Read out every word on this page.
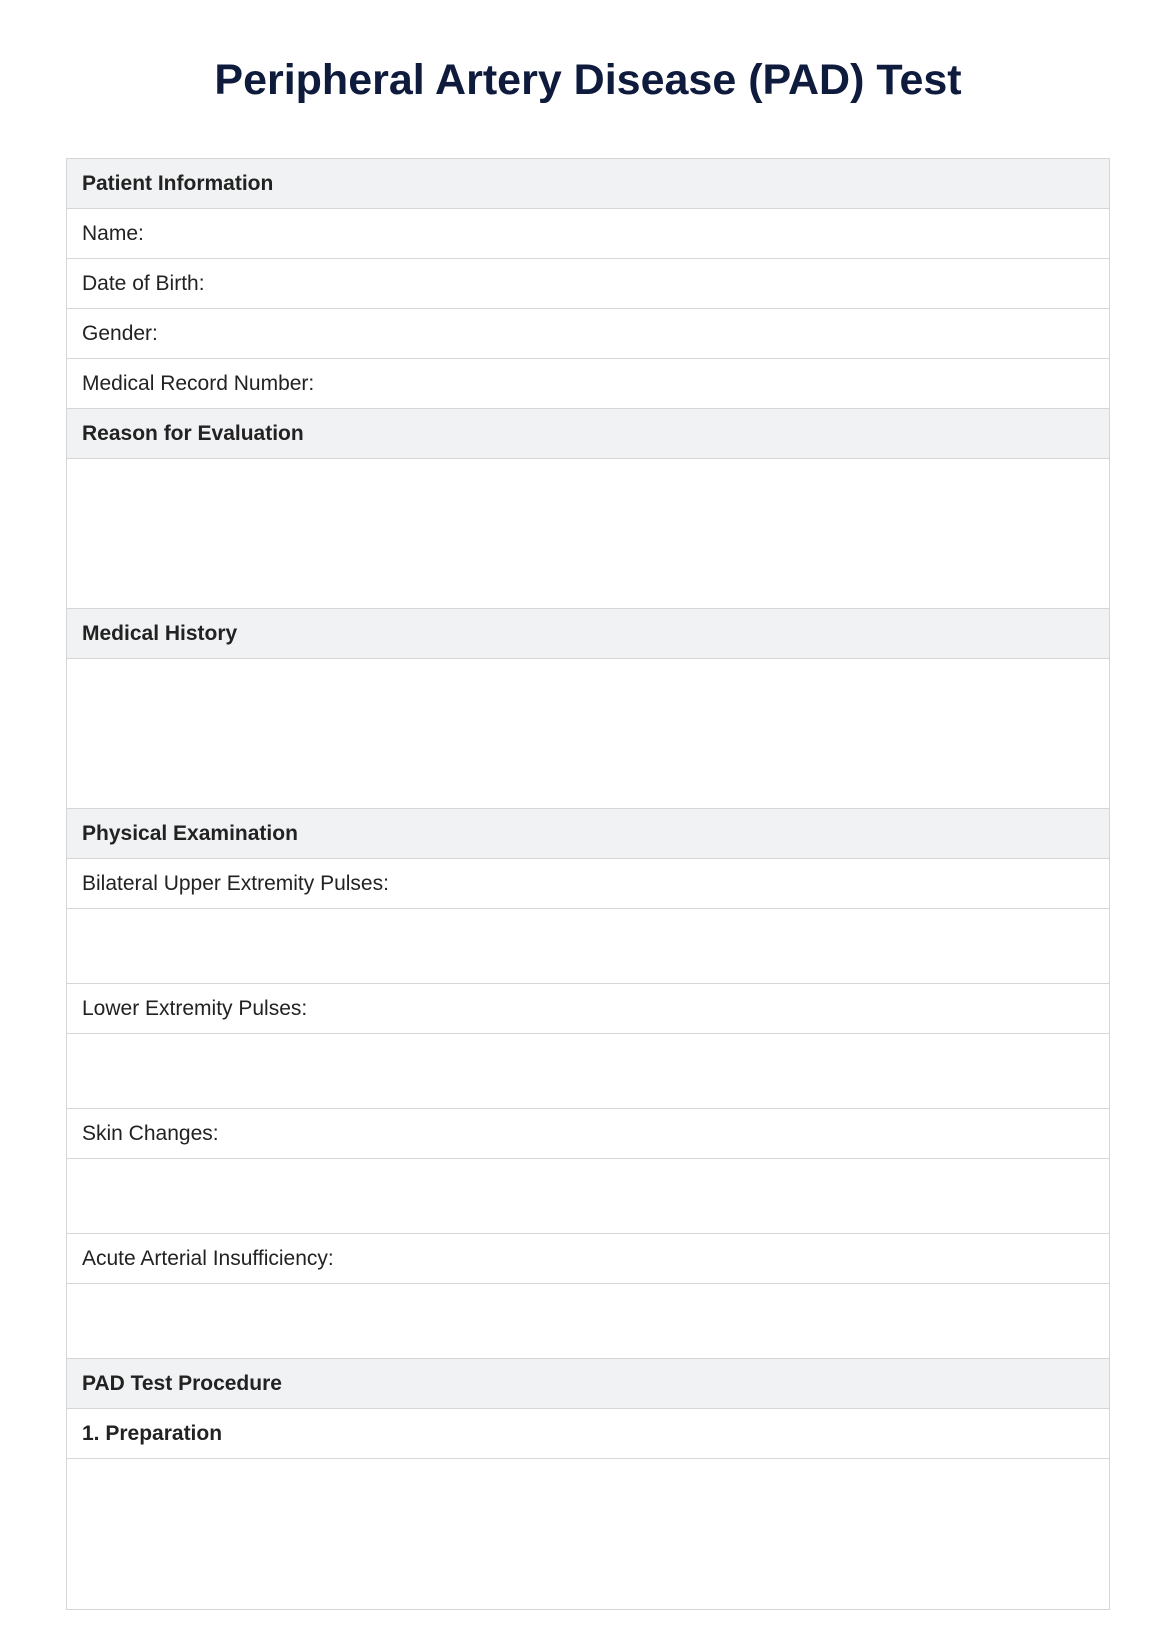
Peripheral Artery Disease (PAD) Test
Patient Information
Name:
Date of Birth:
Gender:
Medical Record Number:
Reason for Evaluation
Medical History
Physical Examination
Bilateral Upper Extremity Pulses:
Lower Extremity Pulses:
Skin Changes:
Acute Arterial Insufficiency:
PAD Test Procedure
1. Preparation
